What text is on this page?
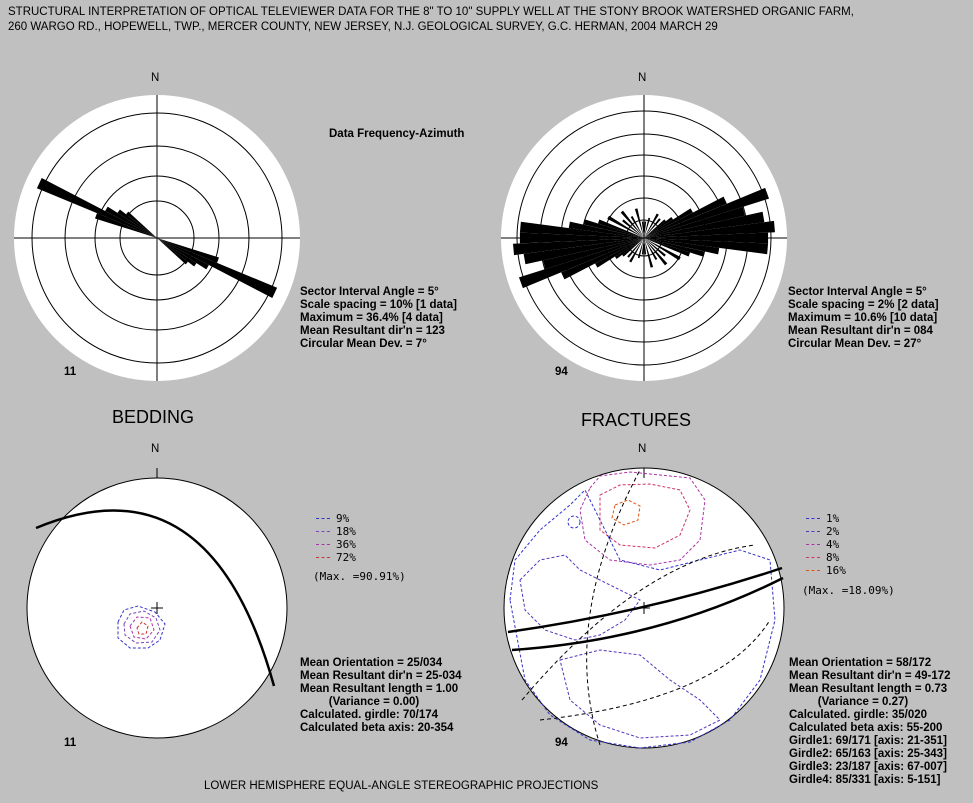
STRUCTURAL INTERPRETATION OF OPTICAL TELEVIEWER DATA FOR THE 8" TO 10" SUPPLY WELL AT THE STONY BROOK WATERSHED ORGANIC FARM,
260 WARGO RD., HOPEWELL, TWP., MERCER COUNTY, NEW JERSEY, N.J. GEOLOGICAL SURVEY, G.C. HERMAN, 2004 MARCH 29
N	N
N	N
Data Frequency-Azimuth
11	94
11	94
Sector Interval Angle = 5°
Scale spacing = 10% [1 data]
Maximum = 36.4% [4 data]
Mean Resultant dir'n = 123
Circular Mean Dev. = 7°
Sector Interval Angle = 5°
Scale spacing = 2% [2 data]
Maximum = 10.6% [10 data]
Mean Resultant dir'n = 084
Circular Mean Dev. = 27°
BEDDING	FRACTURES
9%
18%
36%
72%
(Max. =90.91%)
1%
2%
4%
8%
16%
(Max. =18.09%)
Mean Orientation = 25/034
Mean Resultant dir'n = 25-034
Mean Resultant length = 1.00
(Variance = 0.00)
Calculated. girdle: 70/174
Calculated beta axis: 20-354
Mean Orientation = 58/172
Mean Resultant dir'n = 49-172
Mean Resultant length = 0.73
(Variance = 0.27)
Calculated. girdle: 35/020
Calculated beta axis: 55-200
Girdle1: 69/171 [axis: 21-351]
Girdle2: 65/163 [axis: 25-343]
Girdle3: 23/187 [axis: 67-007]
Girdle4: 85/331 [axis: 5-151]
LOWER HEMISPHERE EQUAL-ANGLE STEREOGRAPHIC PROJECTIONS
